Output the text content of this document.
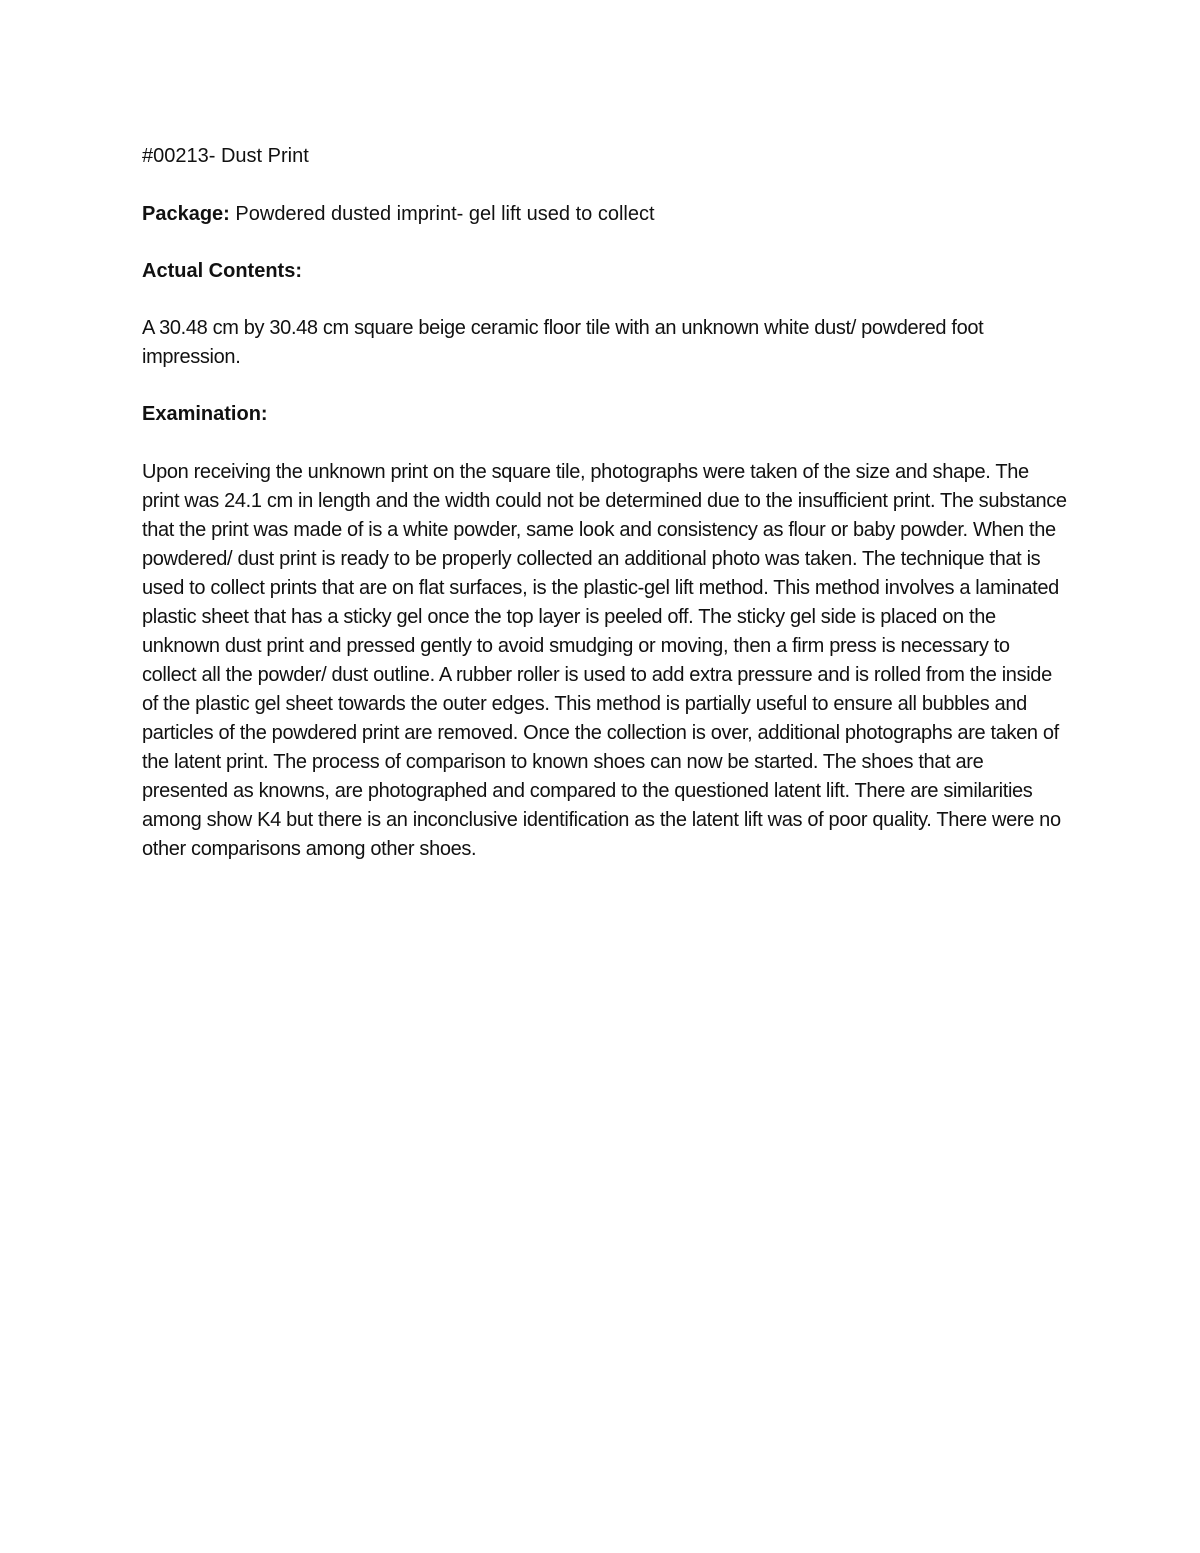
#00213- Dust Print

Package: Powdered dusted imprint- gel lift used to collect

Actual Contents:

A 30.48 cm by 30.48 cm square beige ceramic floor tile with an unknown white dust/ powdered foot impression.

Examination:

Upon receiving the unknown print on the square tile, photographs were taken of the size and shape. The print was 24.1 cm in length and the width could not be determined due to the insufficient print. The substance that the print was made of is a white powder, same look and consistency as flour or baby powder. When the powdered/ dust print is ready to be properly collected an additional photo was taken. The technique that is used to collect prints that are on flat surfaces, is the plastic-gel lift method. This method involves a laminated plastic sheet that has a sticky gel once the top layer is peeled off. The sticky gel side is placed on the unknown dust print and pressed gently to avoid smudging or moving, then a firm press is necessary to collect all the powder/ dust outline. A rubber roller is used to add extra pressure and is rolled from the inside of the plastic gel sheet towards the outer edges. This method is partially useful to ensure all bubbles and particles of the powdered print are removed. Once the collection is over, additional photographs are taken of the latent print. The process of comparison to known shoes can now be started. The shoes that are presented as knowns, are photographed and compared to the questioned latent lift. There are similarities among show K4 but there is an inconclusive identification as the latent lift was of poor quality. There were no other comparisons among other shoes.
